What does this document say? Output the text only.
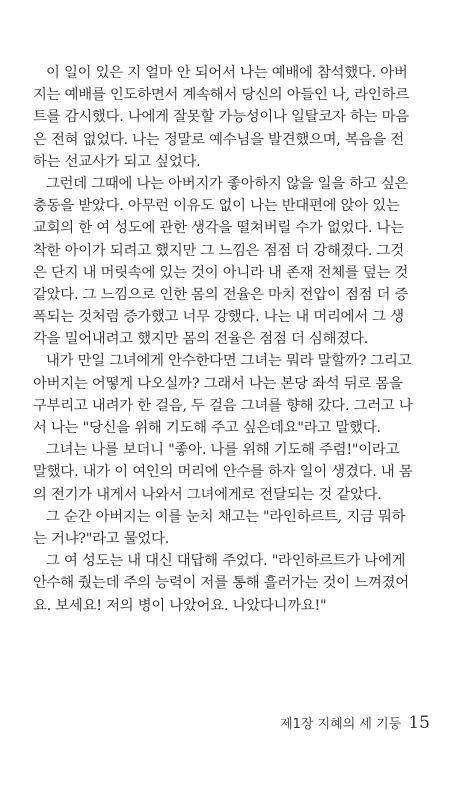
이 일이 있은 지 얼마 안 되어서 나는 예배에 참석했다. 아버
지는 예배를 인도하면서 계속해서 당신의 아들인 나, 라인하르
트를 감시했다. 나에게 잘못할 가능성이나 일탈코자 하는 마음
은 전혀 없었다. 나는 정말로 예수님을 발견했으며, 복음을 전
하는 선교사가 되고 싶었다.
그런데 그때에 나는 아버지가 좋아하지 않을 일을 하고 싶은
충동을 받았다. 아무런 이유도 없이 나는 반대편에 앉아 있는
교회의 한 여 성도에 관한 생각을 떨쳐버릴 수가 없었다. 나는
착한 아이가 되려고 했지만 그 느낌은 점점 더 강해졌다. 그것
은 단지 내 머릿속에 있는 것이 아니라 내 존재 전체를 덮는 것
같았다. 그 느낌으로 인한 몸의 전율은 마치 전압이 점점 더 증
폭되는 것처럼 증가했고 너무 강했다. 나는 내 머리에서 그 생
각을 밀어내려고 했지만 몸의 전율은 점점 더 심해졌다.
내가 만일 그녀에게 안수한다면 그녀는 뭐라 말할까? 그리고
아버지는 어떻게 나오실까? 그래서 나는 본당 좌석 뒤로 몸을
구부리고 내려가 한 걸음, 두 걸음 그녀를 향해 갔다. 그러고 나
서 나는 "당신을 위해 기도해 주고 싶은데요"라고 말했다.
그녀는 나를 보더니 "좋아. 나를 위해 기도해 주렴!"이라고
말했다. 내가 이 여인의 머리에 안수를 하자 일이 생겼다. 내 몸
의 전기가 내게서 나와서 그녀에게로 전달되는 것 같았다.
그 순간 아버지는 이를 눈치 채고는 "라인하르트, 지금 뭐하
는 거냐?"라고 물었다.
그 여 성도는 내 대신 대답해 주었다. "라인하르트가 나에게
안수해 줬는데 주의 능력이 저를 통해 흘러가는 것이 느껴졌어
요. 보세요! 저의 병이 나았어요. 나았다니까요!"
제1장 지혜의 세 기둥 15
